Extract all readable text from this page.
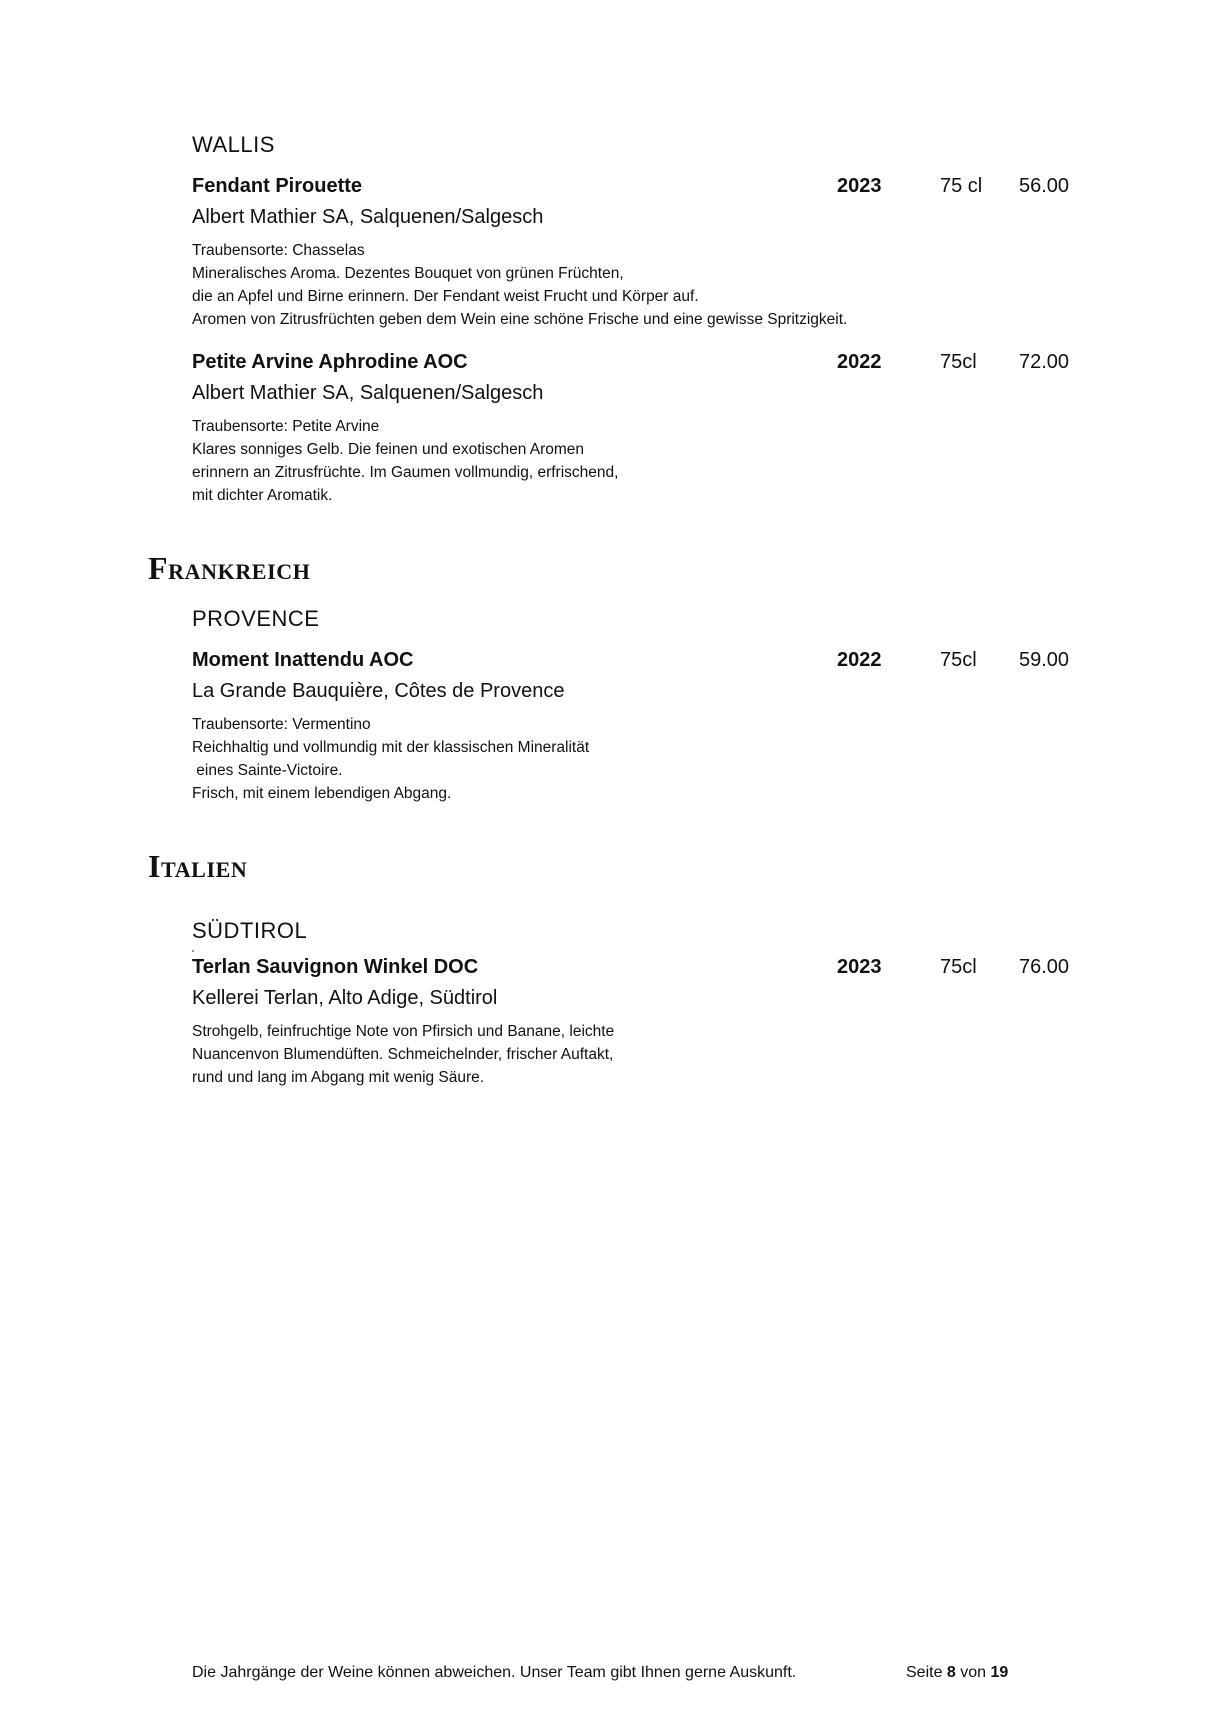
WALLIS
Fendant Pirouette	2023	75 cl 56.00
Albert Mathier SA, Salquenen/Salgesch
Traubensorte: Chasselas
Mineralisches Aroma. Dezentes Bouquet von grünen Früchten,
die an Apfel und Birne erinnern. Der Fendant weist Frucht und Körper auf.
Aromen von Zitrusfrüchten geben dem Wein eine schöne Frische und eine gewisse Spritzigkeit.
Petite Arvine Aphrodine AOC	2022	75cl 72.00
Albert Mathier SA, Salquenen/Salgesch
Traubensorte: Petite Arvine
Klares sonniges Gelb. Die feinen und exotischen Aromen
erinnern an Zitrusfrüchte. Im Gaumen vollmundig, erfrischend,
mit dichter Aromatik.
Frankreich
PROVENCE
Moment Inattendu AOC	2022	75cl 59.00
La Grande Bauquière, Côtes de Provence
Traubensorte: Vermentino
Reichhaltig und vollmundig mit der klassischen Mineralität
eines Sainte-Victoire.
Frisch, mit einem lebendigen Abgang.
Italien
SÜDTIROL
Terlan Sauvignon Winkel DOC	2023	75cl 76.00
Kellerei Terlan, Alto Adige, Südtirol
Strohgelb, feinfruchtige Note von Pfirsich und Banane, leichte
Nuancenvon Blumendüften. Schmeichelnder, frischer Auftakt,
rund und lang im Abgang mit wenig Säure.
Die Jahrgänge der Weine können abweichen. Unser Team gibt Ihnen gerne Auskunft.	Seite 8 von 19
